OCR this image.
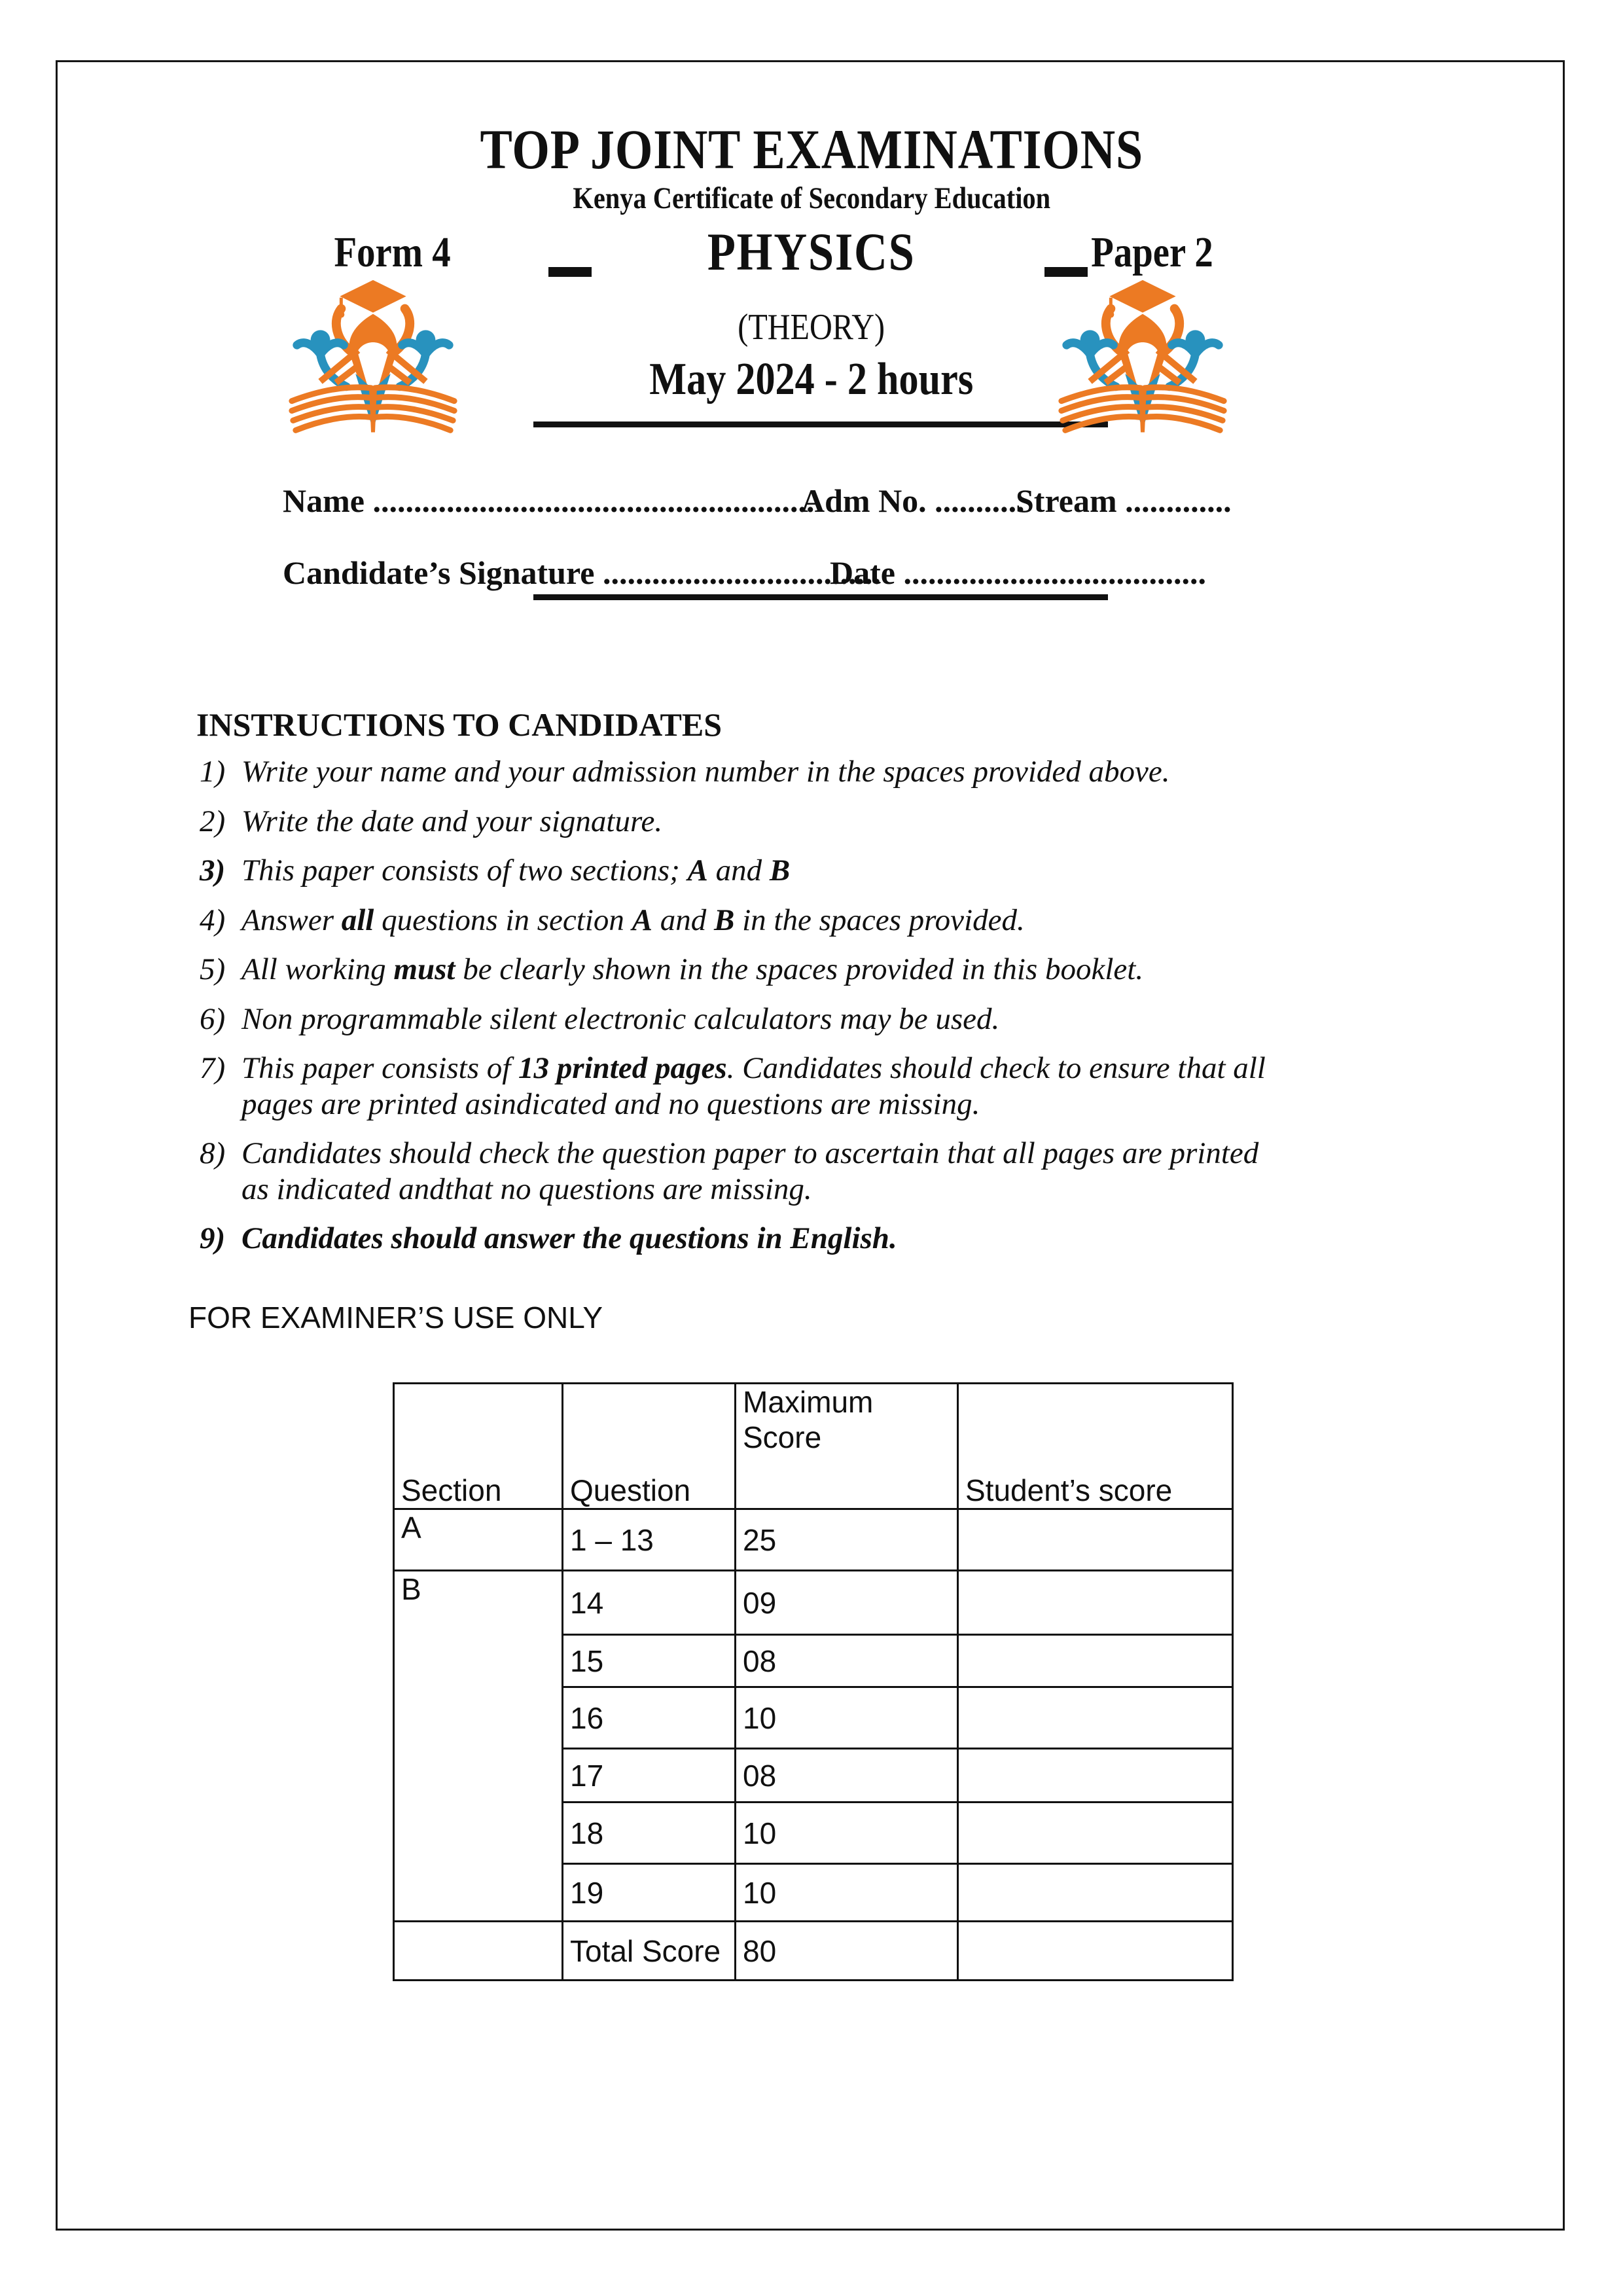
TOP JOINT EXAMINATIONS
Kenya Certificate of Secondary Education
Form 4	PHYSICS	Paper 2
(THEORY)
May 2024 - 2 hours
Name ......................................................
Adm No. ...........
Stream .............
Candidate’s Signature ..................................
Date .....................................
INSTRUCTIONS TO CANDIDATES
1) Write your name and your admission number in the spaces provided above.
2) Write the date and your signature.
3) This paper consists of two sections; A and B
4) Answer all questions in section A and B in the spaces provided.
5) All working must be clearly shown in the spaces provided in this booklet.
6) Non programmable silent electronic calculators may be used.
7) This paper consists of 13 printed pages. Candidates should check to ensure that all
pages are printed asindicated and no questions are missing.
8) Candidates should check the question paper to ascertain that all pages are printed
as indicated andthat no questions are missing.
9) Candidates should answer the questions in English.
FOR EXAMINER’S USE ONLY
Section	Question	Maximum Score	Student’s score
A	1 – 13	25	
B	14	09	
	15	08	
	16	10	
	17	08	
	18	10	
	19	10	
	Total Score	80	
